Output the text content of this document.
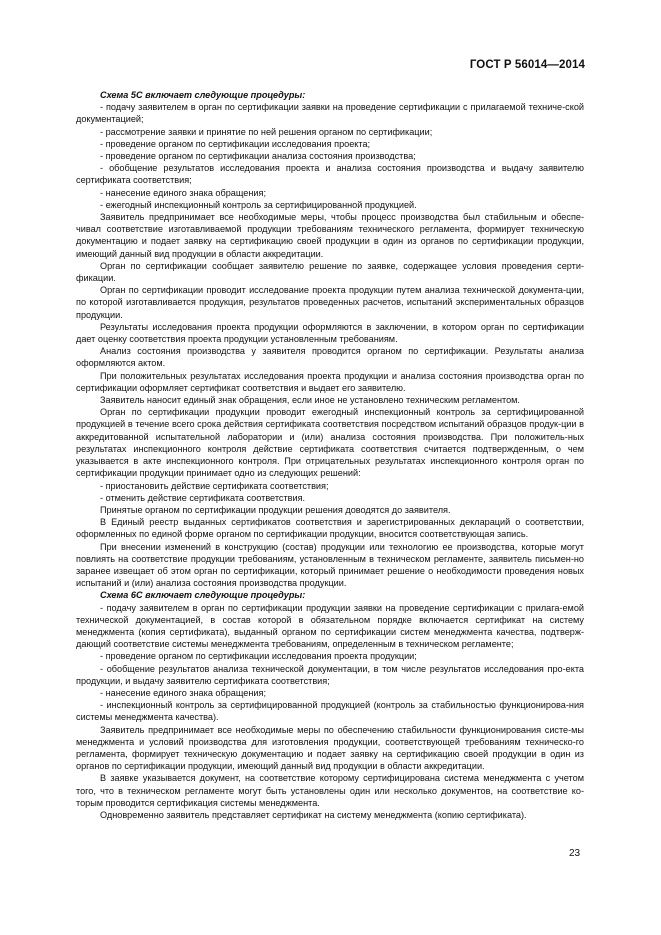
ГОСТ Р 56014—2014

Схема 5С включает следующие процедуры:

- подачу заявителем в орган по сертификации заявки на проведение сертификации с прилагаемой техниче-ской документацией;

- рассмотрение заявки и принятие по ней решения органом по сертификации;

- проведение органом по сертификации исследования проекта;

- проведение органом по сертификации анализа состояния производства;

- обобщение результатов исследования проекта и анализа состояния производства и выдачу заявителю сертификата соответствия;

- нанесение единого знака обращения;

- ежегодный инспекционный контроль за сертифицированной продукцией.

Заявитель предпринимает все необходимые меры, чтобы процесс производства был стабильным и обеспе-чивал соответствие изготавливаемой продукции требованиям технического регламента, формирует техническую документацию и подает заявку на сертификацию своей продукции в один из органов по сертификации продукции, имеющий данный вид продукции в области аккредитации.

Орган по сертификации сообщает заявителю решение по заявке, содержащее условия проведения серти-фикации.

Орган по сертификации проводит исследование проекта продукции путем анализа технической документа-ции, по которой изготавливается продукция, результатов проведенных расчетов, испытаний экспериментальных образцов продукции.

Результаты исследования проекта продукции оформляются в заключении, в котором орган по сертификации дает оценку соответствия проекта продукции установленным требованиям.

Анализ состояния производства у заявителя проводится органом по сертификации. Результаты анализа оформляются актом.

При положительных результатах исследования проекта продукции и анализа состояния производства орган по сертификации оформляет сертификат соответствия и выдает его заявителю.

Заявитель наносит единый знак обращения, если иное не установлено техническим регламентом.

Орган по сертификации продукции проводит ежегодный инспекционный контроль за сертифицированной продукцией в течение всего срока действия сертификата соответствия посредством испытаний образцов продук-ции в аккредитованной испытательной лаборатории и (или) анализа состояния производства. При положитель-ных результатах инспекционного контроля действие сертификата соответствия считается подтвержденным, о чем указывается в акте инспекционного контроля. При отрицательных результатах инспекционного контроля орган по сертификации продукции принимает одно из следующих решений:

- приостановить действие сертификата соответствия;

- отменить действие сертификата соответствия.

Принятые органом по сертификации продукции решения доводятся до заявителя.

В Единый реестр выданных сертификатов соответствия и зарегистрированных деклараций о соответствии, оформленных по единой форме органом по сертификации продукции, вносится соответствующая запись.

При внесении изменений в конструкцию (состав) продукции или технологию ее производства, которые могут повлиять на соответствие продукции требованиям, установленным в техническом регламенте, заявитель письмен-но заранее извещает об этом орган по сертификации, который принимает решение о необходимости проведения новых испытаний и (или) анализа состояния производства продукции.

Схема 6С включает следующие процедуры:

- подачу заявителем в орган по сертификации продукции заявки на проведение сертификации с прилага-емой технической документацией, в состав которой в обязательном порядке включается сертификат на систему менеджмента (копия сертификата), выданный органом по сертификации систем менеджмента качества, подтверж-дающий соответствие системы менеджмента требованиям, определенным в техническом регламенте;

- проведение органом по сертификации исследования проекта продукции;

- обобщение результатов анализа технической документации, в том числе результатов исследования про-екта продукции, и выдачу заявителю сертификата соответствия;

- нанесение единого знака обращения;

- инспекционный контроль за сертифицированной продукцией (контроль за стабильностью функционирова-ния системы менеджмента качества).

Заявитель предпринимает все необходимые меры по обеспечению стабильности функционирования систе-мы менеджмента и условий производства для изготовления продукции, соответствующей требованиям техническо-го регламента, формирует техническую документацию и подает заявку на сертификацию своей продукции в один из органов по сертификации продукции, имеющий данный вид продукции в области аккредитации.

В заявке указывается документ, на соответствие которому сертифицирована система менеджмента с учетом того, что в техническом регламенте могут быть установлены один или несколько документов, на соответствие ко-торым проводится сертификация системы менеджмента.

Одновременно заявитель представляет сертификат на систему менеджмента (копию сертификата).

23
